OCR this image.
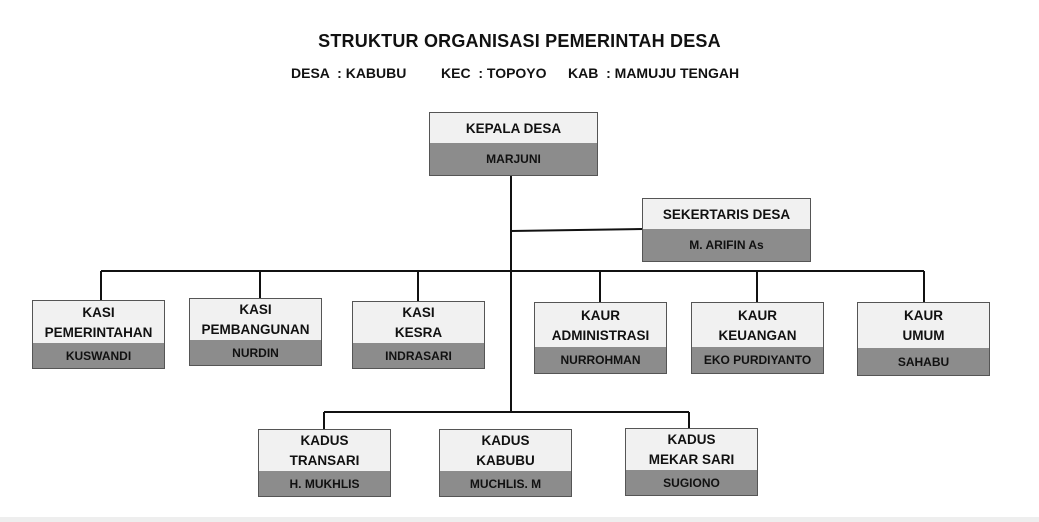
STRUKTUR ORGANISASI PEMERINTAH DESA
DESA  : KABUBU KEC  : TOPOYO KAB  : MAMUJU TENGAH
KEPALA DESA
MARJUNI
SEKERTARIS DESA
M. ARIFIN As
KASI
PEMERINTAHAN
KUSWANDI
KASI
PEMBANGUNAN
NURDIN
KASI
KESRA
INDRASARI
KAUR
ADMINISTRASI
NURROHMAN
KAUR
KEUANGAN
EKO PURDIYANTO
KAUR
UMUM
SAHABU
KADUS
TRANSARI
H. MUKHLIS
KADUS
KABUBU
MUCHLIS. M
KADUS
MEKAR SARI
SUGIONO
